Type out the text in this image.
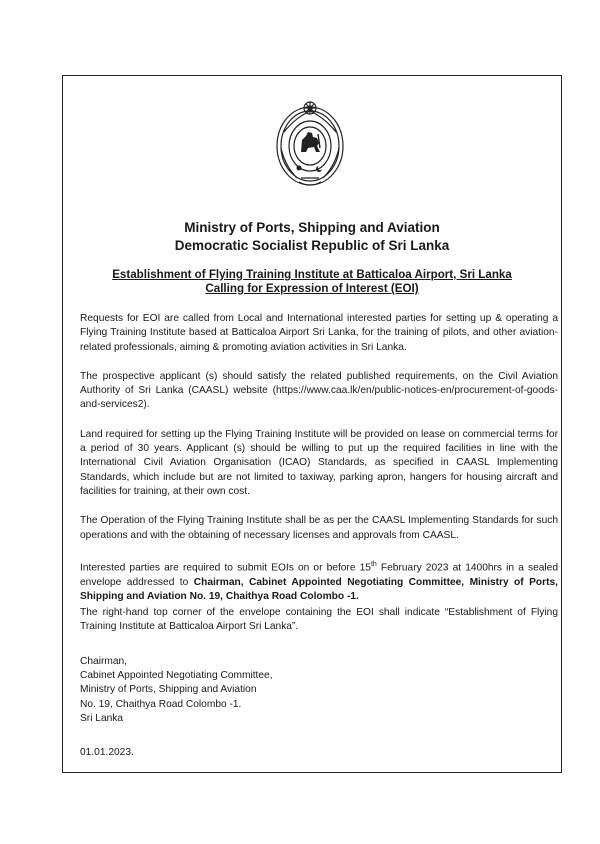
Ministry of Ports, Shipping and Aviation
Democratic Socialist Republic of Sri Lanka
Establishment of Flying Training Institute at Batticaloa Airport, Sri Lanka
Calling for Expression of Interest (EOI)

Requests for EOI are called from Local and International interested parties for setting up & operating a Flying Training Institute based at Batticaloa Airport Sri Lanka, for the training of pilots, and other aviation-related professionals, aiming & promoting aviation activities in Sri Lanka.

The prospective applicant (s) should satisfy the related published requirements, on the Civil Aviation Authority of Sri Lanka (CAASL) website (https://www.caa.lk/en/public-notices-en/procurement-of-goods-and-services2).

Land required for setting up the Flying Training Institute will be provided on lease on commercial terms for a period of 30 years. Applicant (s) should be willing to put up the required facilities in line with the International Civil Aviation Organisation (ICAO) Standards, as specified in CAASL Implementing Standards, which include but are not limited to taxiway, parking apron, hangers for housing aircraft and facilities for training, at their own cost.

The Operation of the Flying Training Institute shall be as per the CAASL Implementing Standards for such operations and with the obtaining of necessary licenses and approvals from CAASL.

Interested parties are required to submit EOIs on or before 15th February 2023 at 1400hrs in a sealed envelope addressed to Chairman, Cabinet Appointed Negotiating Committee, Ministry of Ports, Shipping and Aviation No. 19, Chaithya Road Colombo -1.

The right-hand top corner of the envelope containing the EOI shall indicate “Establishment of Flying Training Institute at Batticaloa Airport Sri Lanka”.

Chairman,
Cabinet Appointed Negotiating Committee,
Ministry of Ports, Shipping and Aviation
No. 19, Chaithya Road Colombo -1.
Sri Lanka
01.01.2023.
